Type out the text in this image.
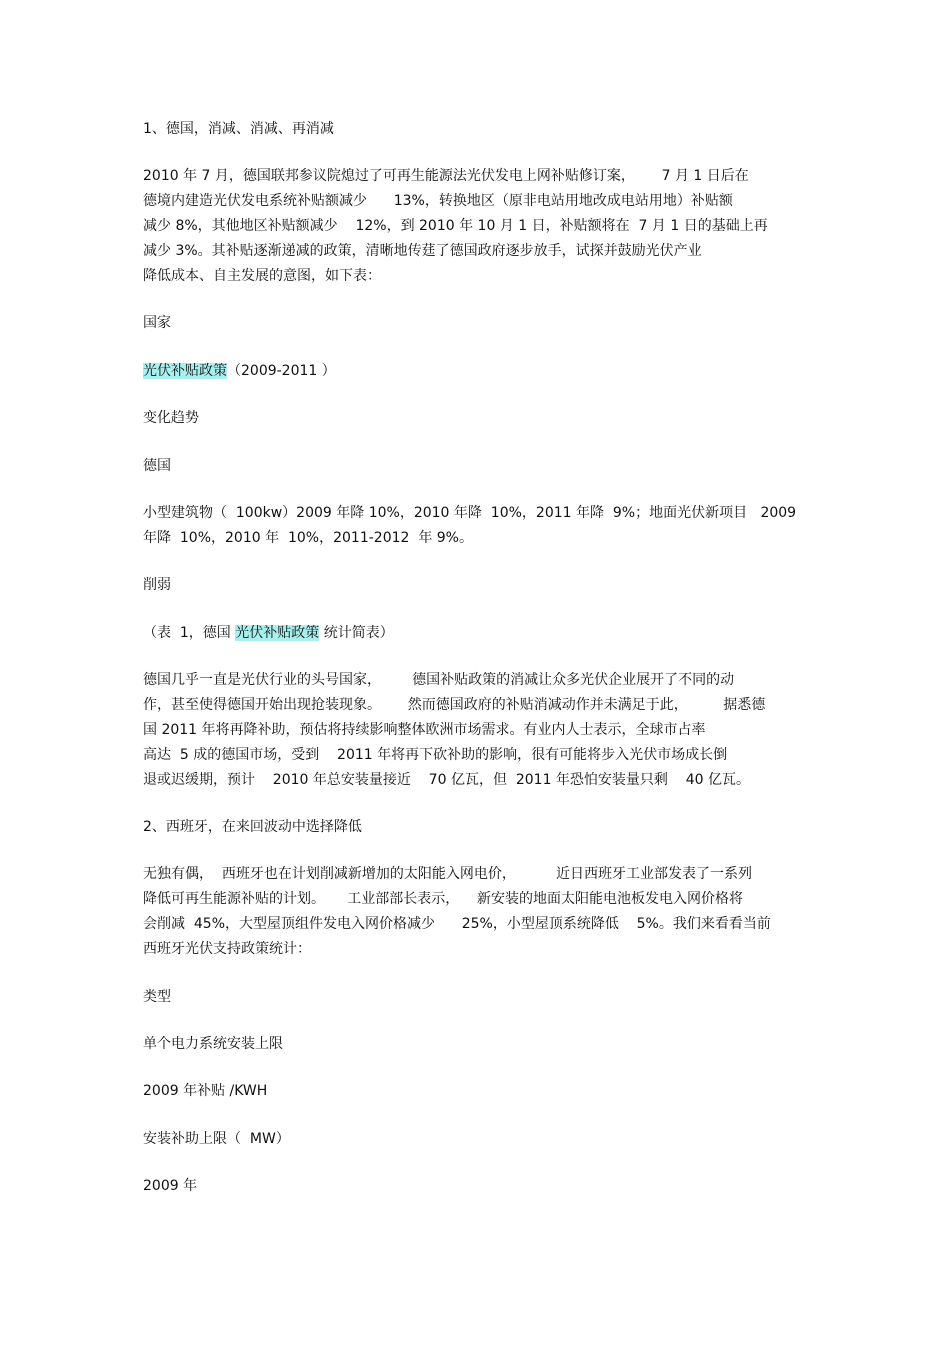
1、德国，消减、消减、再消减
2010 年 7 月，德国联邦参议院熄过了可再生能源法光伏发电上网补贴修订案，      7 月 1 日后在
德境内建造光伏发电系统补贴额减少      13%，转换地区（原非电站用地改成电站用地）补贴额
减少 8%，其他地区补贴额减少    12%，到 2010 年 10 月 1 日，补贴额将在  7 月 1 日的基础上再
减少 3%。其补贴逐渐递减的政策，清晰地传莛了德国政府逐步放手，试探并鼓励光伏产业
降低成本、自主发展的意图，如下表：
国家
光伏补贴政策（2009-2011 ）
变化趋势
德国
小型建筑物（  100kw）2009 年降 10%，2010 年降  10%，2011 年降  9%；地面光伏新项目   2009
年降  10%，2010 年  10%，2011-2012  年 9%。
削弱
（表  1，德国 光伏补贴政策 统计简表）
德国几乎一直是光伏行业的头号国家，       德国补贴政策的消减让众多光伏企业展开了不同的动
作，甚至使得德国开始出现抢装现象。      然而德国政府的补贴消减动作并未满足于此，        据悉德
国 2011 年将再降补助，预估将持续影响整体欧洲市场需求。有业内人士表示，全球市占率
高达  5 成的德国市场，受到    2011 年将再下砍补助的影响，很有可能将步入光伏市场成长倒
退或迟缓期，预计    2010 年总安装量接近    70 亿瓦，但  2011 年恐怕安装量只剩    40 亿瓦。
2、西班牙，在来回波动中选择降低
无独有偶，  西班牙也在计划削减新增加的太阳能入网电价，         近日西班牙工业部发表了一系列
降低可再生能源补贴的计划。     工业部部长表示，    新安装的地面太阳能电池板发电入网价格将
会削减  45%，大型屋顶组件发电入网价格减少      25%，小型屋顶系统降低    5%。我们来看看当前
西班牙光伏支持政策统计：
类型
单个电力系统安装上限
2009 年补贴 /KWH
安装补助上限（  MW）
2009 年
